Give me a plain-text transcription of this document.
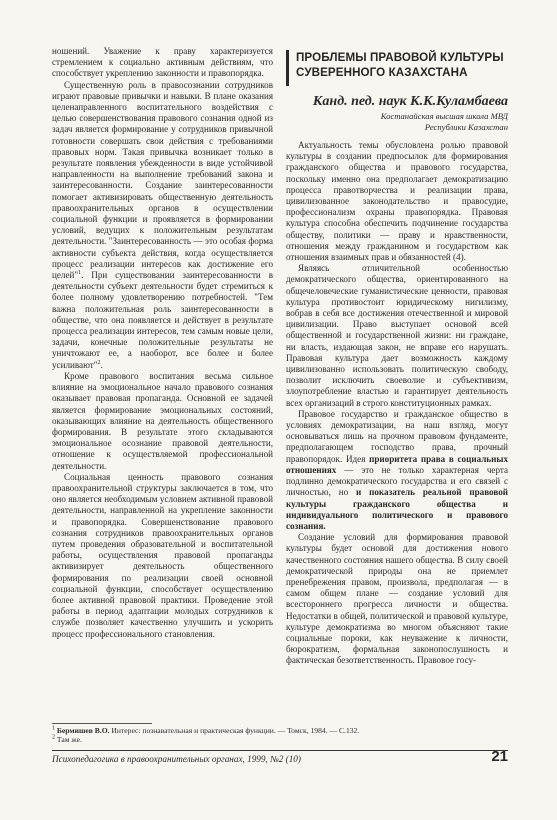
ношений. Уважение к праву характеризуется стремлением к социально активным действиям, что способствует укреплению законности и правопорядка.

Существенную роль в правосознании сотрудников играют правовые привычки и навыки. В плане оказания целенаправленного воспитательного воздействия с целью совершенствования правового сознания одной из задач является формирование у сотрудников привычной готовности совершать свои действия с требованиями правовых норм. Такая привычка возникает только в результате появления убежденности в виде устойчивой направленности на выполнение требований закона и заинтересованности. Создание заинтересованности помогает активизировать общественную деятельность правоохранительных органов в осуществлении социальной функции и проявляется в формировании условий, ведущих к положительным результатам деятельности. "Заинтересованность — это особая форма активности субъекта действия, когда осуществляется процесс реализации интересов как достижение его целей"$^1$. При существовании заинтересованности в деятельности субъект деятельности будет стремиться к более полному удовлетворению потребностей. "Тем важна положительная роль заинтересованности в обществе, что она появляется и действует в результате процесса реализации интересов, тем самым новые цели, задачи, конечные положительные результаты не уничтожают ее, а наоборот, все более и более усиливают"$^2$.

Кроме правового воспитания весьма сильное влияние на эмоциональное начало правового сознания оказывает правовая пропаганда. Основной ее задачей является формирование эмоциональных состояний, оказывающих влияние на деятельность общественного формирования. В результате этого складываются эмоциональное осознание правовой деятельности, отношение к осуществляемой профессиональной деятельности.

Социальная ценность правового сознания правоохранительной структуры заключается в том, что оно является необходимым условием активной правовой деятельности, направленной на укрепление законности и правопорядка. Совершенствование правового сознания сотрудников правоохранительных органов путем проведения образовательной и воспитательной работы, осуществления правовой пропаганды активизирует деятельность общественного формирования по реализации своей основной социальной функции, способствует осуществлению более активной правовой практики. Проведение этой работы в период адаптации молодых сотрудников к службе позволяет качественно улучшить и ускорить процесс профессионального становления.

ПРОБЛЕМЫ ПРАВОВОЙ КУЛЬТУРЫ СУВЕРЕННОГО КАЗАХСТАНА
Канд. пед. наук К.К.Куламбаева
Костанайская высшая школа МВД
Республики Казахстан

Актуальность темы обусловлена ролью правовой культуры в создании предпосылок для формирования гражданского общества и правового государства, поскольку именно она предполагает демократизацию процесса правотворчества и реализации права, цивилизованное законодательство и правосудие, профессионализм охраны правопорядка. Правовая культура способна обеспечить подчинение государства обществу, политики — праву и нравственности, отношения между гражданином и государством как отношения взаимных прав и обязанностей (4).

Являясь отличительной особенностью демократического общества, ориентированного на общечеловеческие гуманистические ценности, правовая культура противостоит юридическому нигилизму, вобрав в себя все достижения отечественной и мировой цивилизации. Право выступает основой всей общественной и государственной жизни: ни граждане, ни власть, издающая закон, не вправе его нарушать. Правовая культура дает возможность каждому цивилизованно использовать политическую свободу, позволит исключить своеволие и субъективизм, злоупотребление властью и гарантирует деятельность всех организаций в строго конституционных рамках.

Правовое государство и гражданское общество в условиях демократизации, на наш взгляд, могут основываться лишь на прочном правовом фундаменте, предполагающем господство права, прочный правопорядок. Идея приоритета права в социальных отношениях — это не только характерная черта подлинно демократического государства и его связей с личностью, но и показатель реальной правовой культуры гражданского общества и индивидуального политического и правового сознания.

Создание условий для формирования правовой культуры будет основой для достижения нового качественного состояния нашего общества. В силу своей демократической природы она не приемлет пренебрежения правом, произвола, предполагая — в самом общем плане — создание условий для всестороннего прогресса личности и общества. Недостатки в общей, политической и правовой культуре, культуре демократизма во многом объясняют такие социальные пороки, как неуважение к личности, бюрократизм, формальная законопослушность и фактическая безответственность. Правовое госу-

$^1$ Бермишев В.О. Интерес: познавательная и практическая функции. — Томск, 1984. — С.132.
$^2$ Там же.
Психопедагогика в правоохранительных органах, 1999, №2 (10)	21
